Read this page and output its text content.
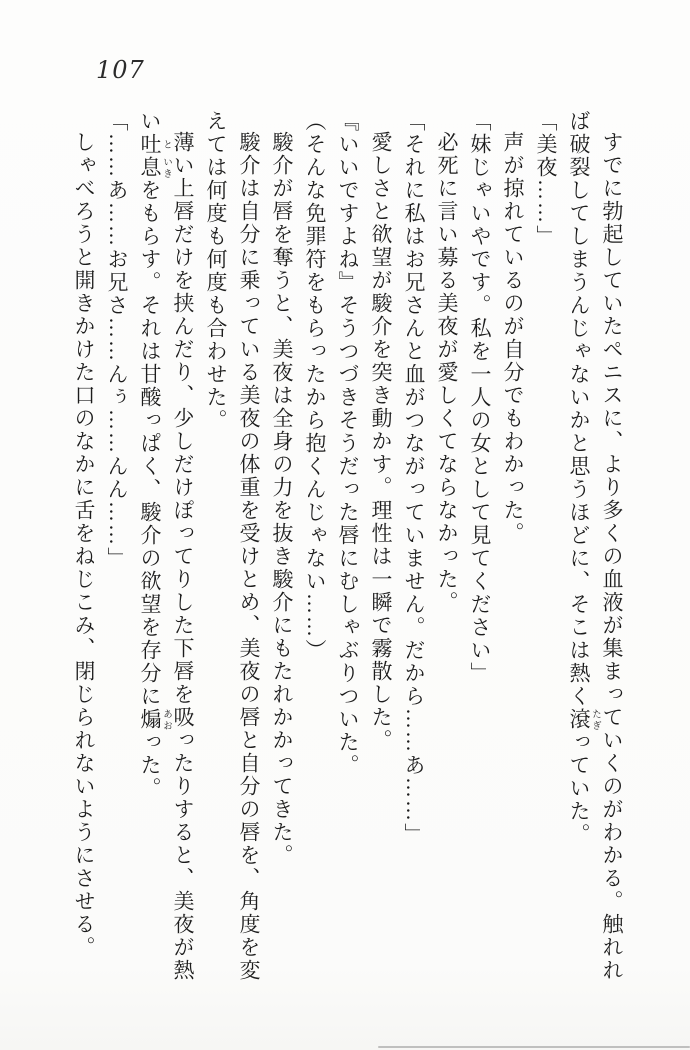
107

すでに勃起していたペニスに、より多くの血液が集まっていくのがわかる。触れれば破裂してしまうんじゃないかと思うほどに、そこは熱く滾 たぎっていた。

「美夜……」

声が掠れているのが自分でもわかった。

「妹じゃいやです。私を一人の女として見てください」

必死に言い募る美夜が愛しくてならなかった。

「それに私はお兄さんと血がつながっていません。だから……あ……」

愛しさと欲望が駿介を突き動かす。理性は一瞬で霧散した。

『いいですよね』そうつづきそうだった唇にむしゃぶりついた。

（そんな免罪符をもらったから抱くんじゃない……）

駿介が唇を奪うと、美夜は全身の力を抜き駿介にもたれかかってきた。

駿介は自分に乗っている美夜の体重を受けとめ、美夜の唇と自分の唇を、角度を変えては何度も何度も合わせた。

薄い上唇だけを挟んだり、少しだけぽってりした下唇を吸ったりすると、美夜が熱い吐 と息 いきをもらす。それは甘酸っぱく、駿介の欲望を存分に煽 あおった。

「……あ……お兄さ……んぅ……んん……」

しゃべろうと開きかけた口のなかに舌をねじこみ、閉じられないようにさせる。
